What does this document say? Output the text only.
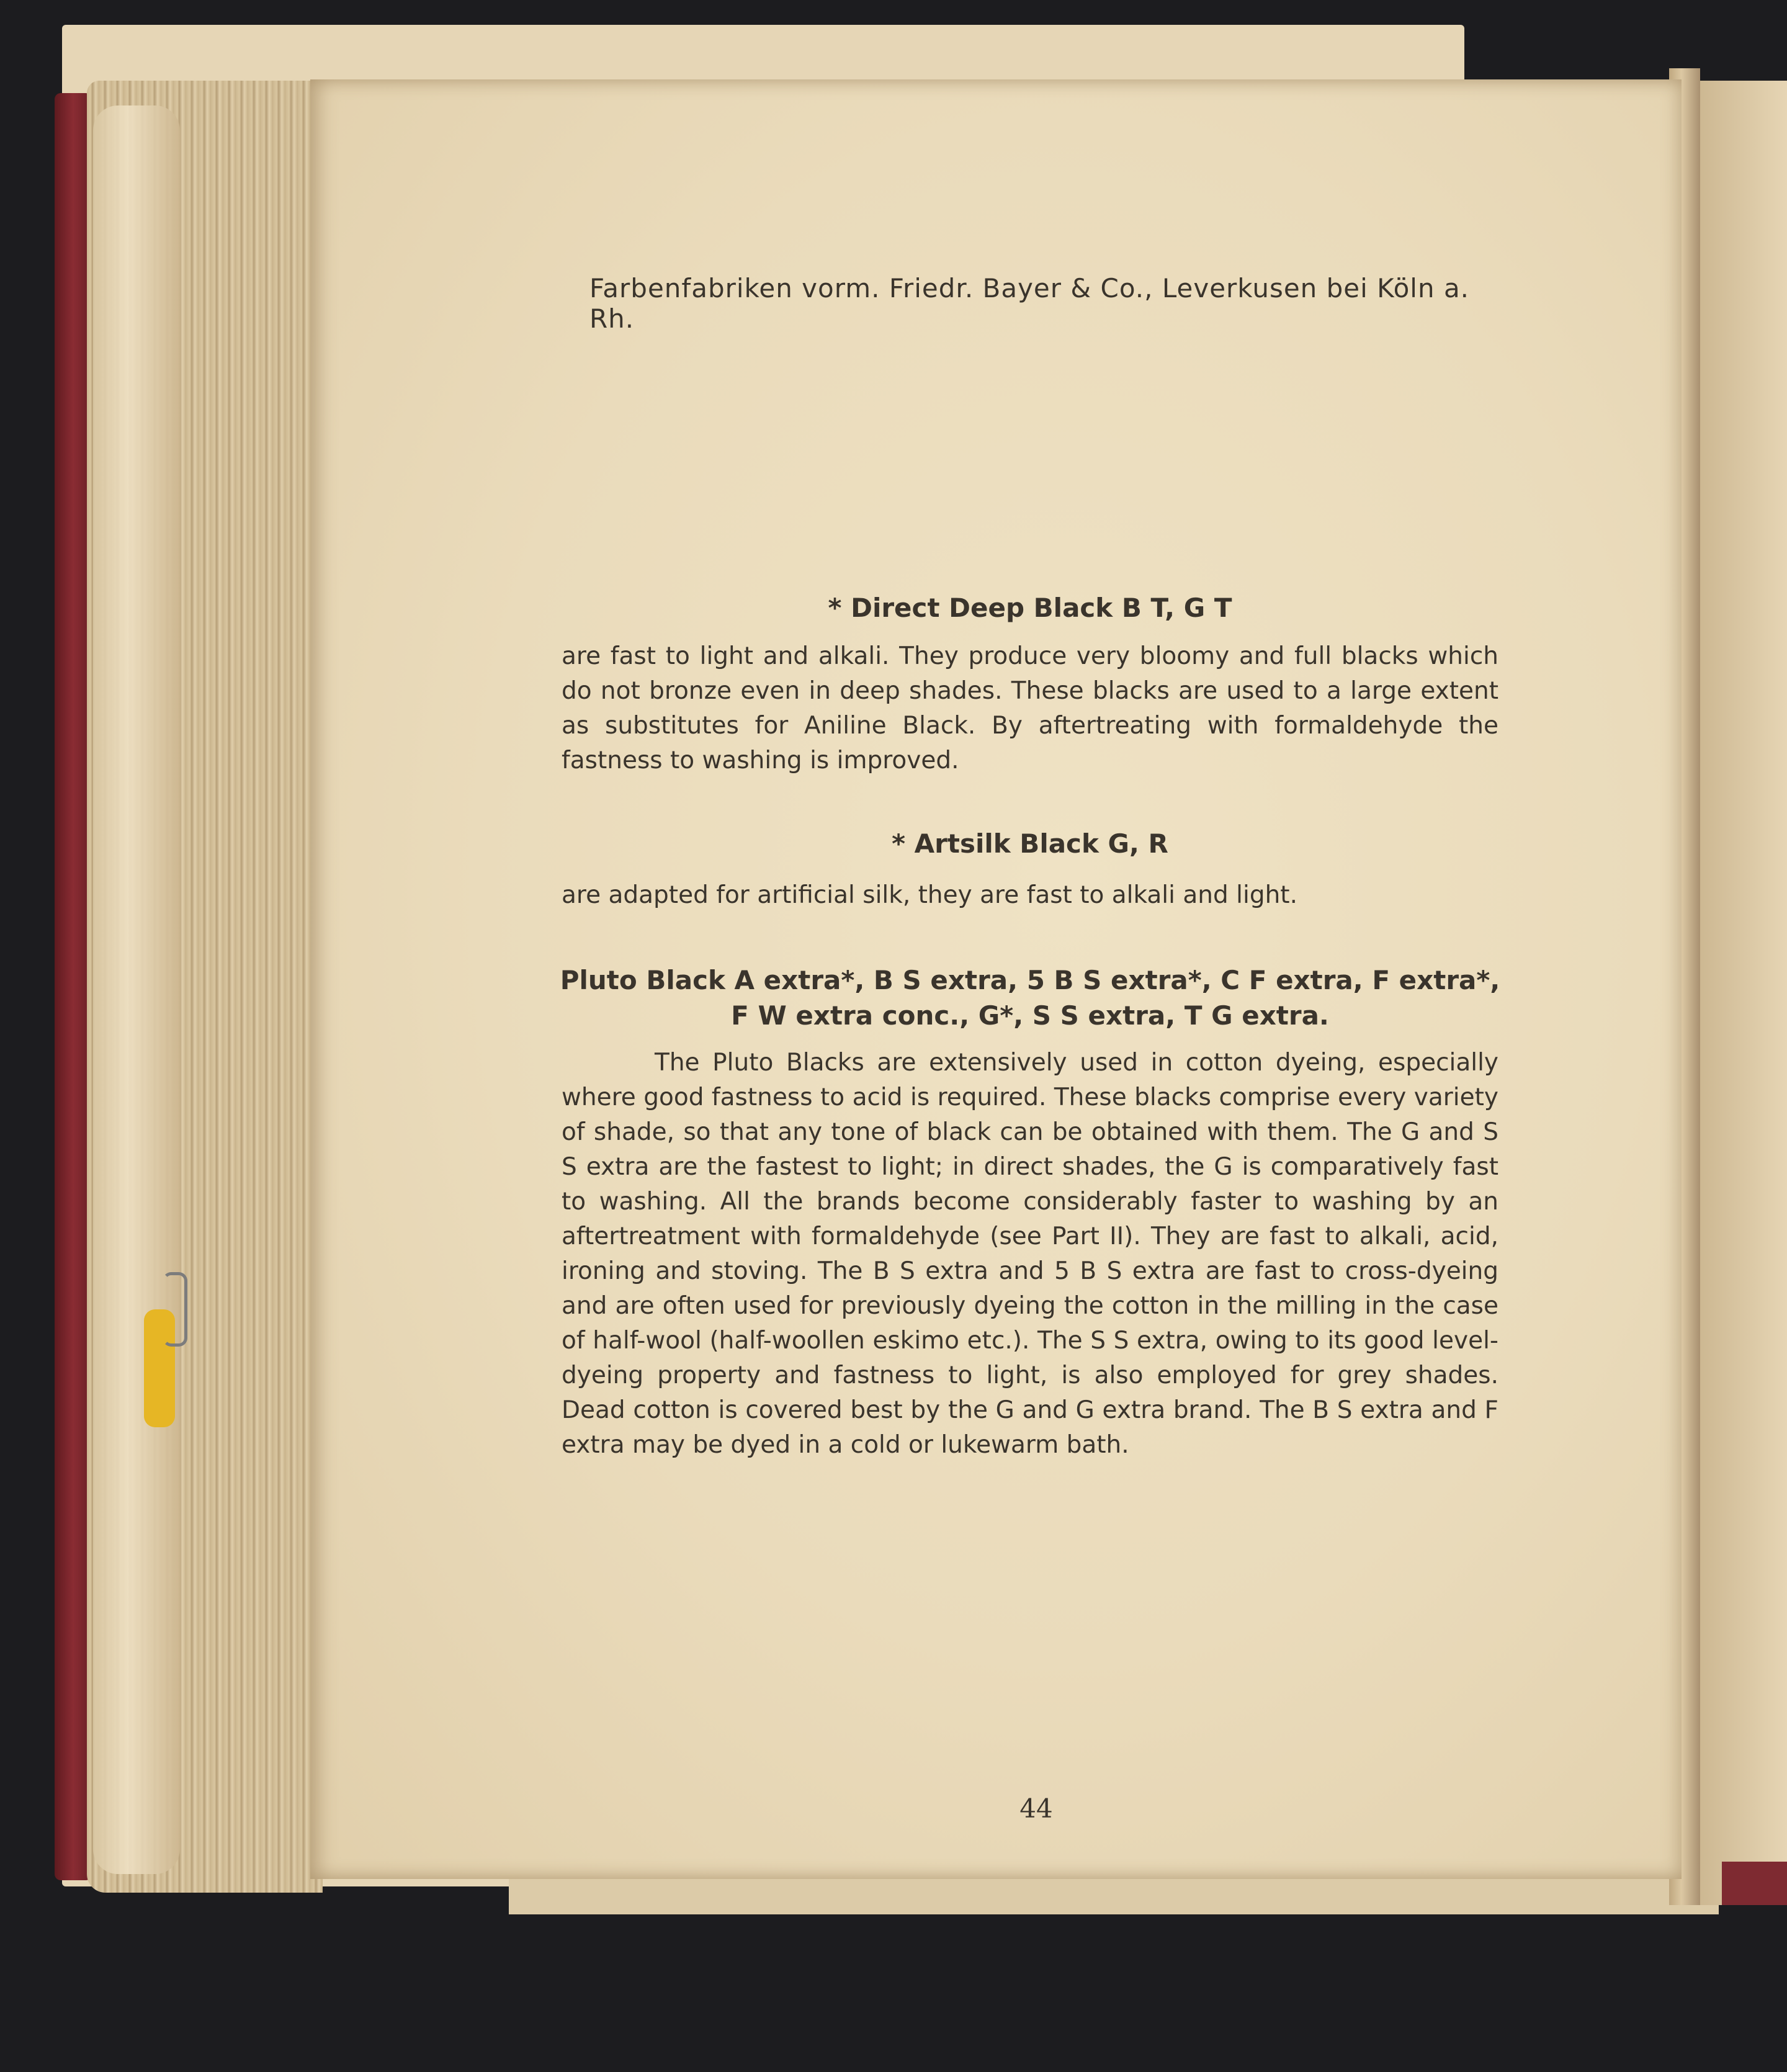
Farbenfabriken vorm. Friedr. Bayer & Co., Leverkusen bei Köln a. Rh.
* Direct Deep Black B T, G T
are fast to light and alkali. They produce very bloomy and full blacks which do not bronze even in deep shades. These blacks are used to a large extent as substitutes for Aniline Black. By aftertreating with formaldehyde the fastness to washing is improved.
* Artsilk Black G, R
are adapted for artificial silk, they are fast to alkali and light.
Pluto Black A extra*, B S extra, 5 B S extra*, C F extra, F extra*,
F W extra conc., G*, S S extra, T G extra.
The Pluto Blacks are extensively used in cotton dyeing, especially where good fastness to acid is required. These blacks comprise every variety of shade, so that any tone of black can be obtained with them. The G and S S extra are the fastest to light; in direct shades, the G is comparatively fast to washing. All the brands become considerably faster to washing by an aftertreatment with formaldehyde (see Part II). They are fast to alkali, acid, ironing and stoving. The B S extra and 5 B S extra are fast to cross-dyeing and are often used for previously dyeing the cotton in the milling in the case of half-wool (half-woollen eskimo etc.). The S S extra, owing to its good level-dyeing property and fastness to light, is also employed for grey shades. Dead cotton is covered best by the G and G extra brand. The B S extra and F extra may be dyed in a cold or lukewarm bath.
44
